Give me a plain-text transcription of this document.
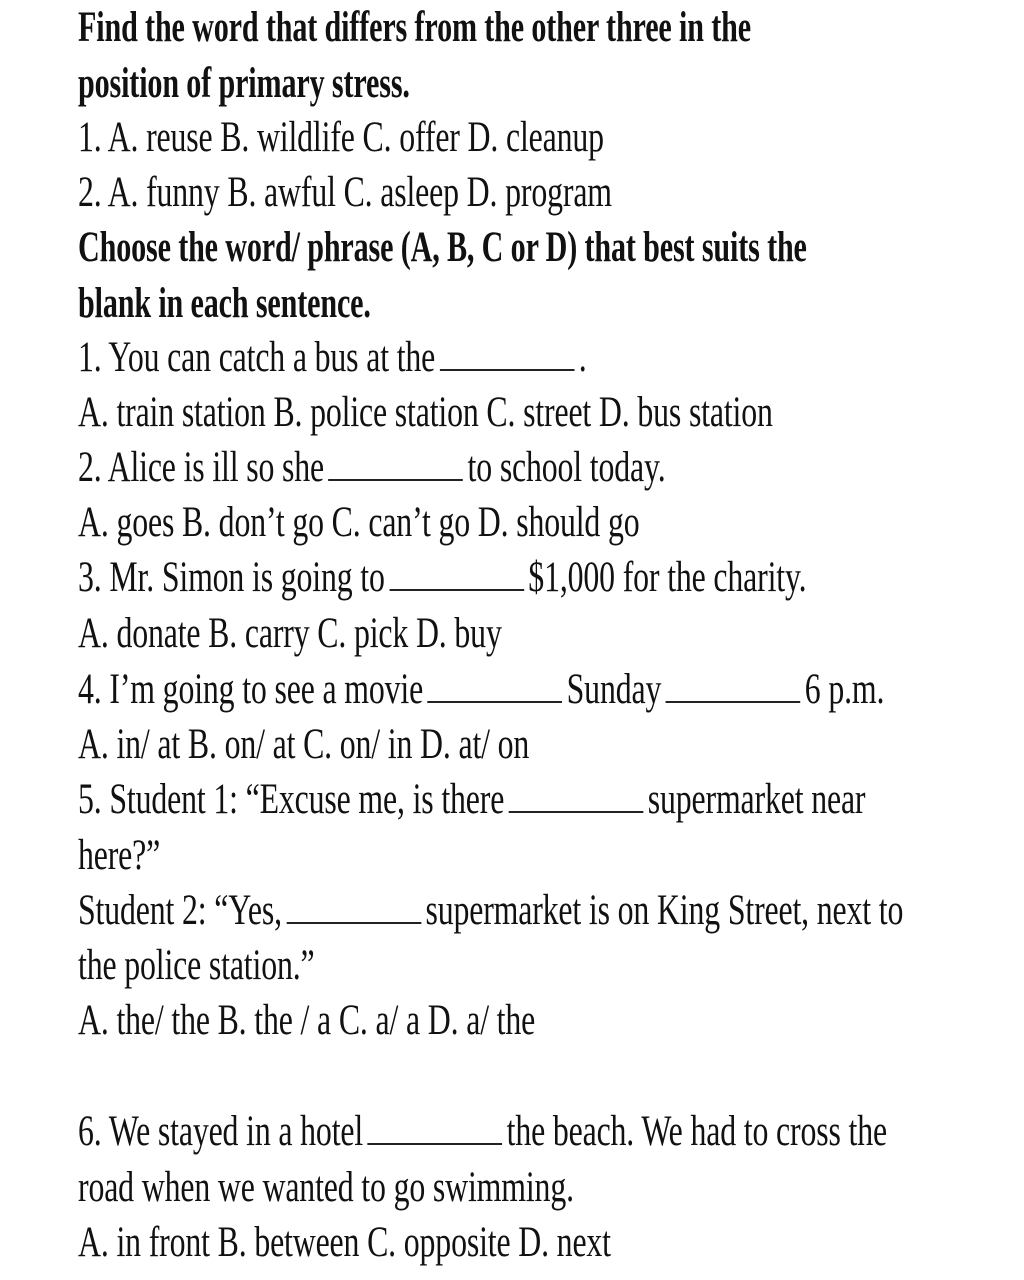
Find the word that differs from the other three in the
position of primary stress.
1. A. reuse B. wildlife C. offer D. cleanup
2. A. funny B. awful C. asleep D. program
Choose the word/ phrase (A, B, C or D) that best suits the
blank in each sentence.
1. You can catch a bus at the	.
A. train station B. police station C. street D. bus station
2. Alice is ill so she	to school today.
A. goes B. don’t go C. can’t go D. should go
3. Mr. Simon is going to	$1,000 for the charity.
A. donate B. carry C. pick D. buy
4. I’m going to see a movie	Sunday	6 p.m.
A. in/ at B. on/ at C. on/ in D. at/ on
5. Student 1: “Excuse me, is there	supermarket near
here?”
Student 2: “Yes,	supermarket is on King Street, next to
the police station.”
A. the/ the B. the / a C. a/ a D. a/ the
6. We stayed in a hotel	the beach. We had to cross the
road when we wanted to go swimming.
A. in front B. between C. opposite D. next
